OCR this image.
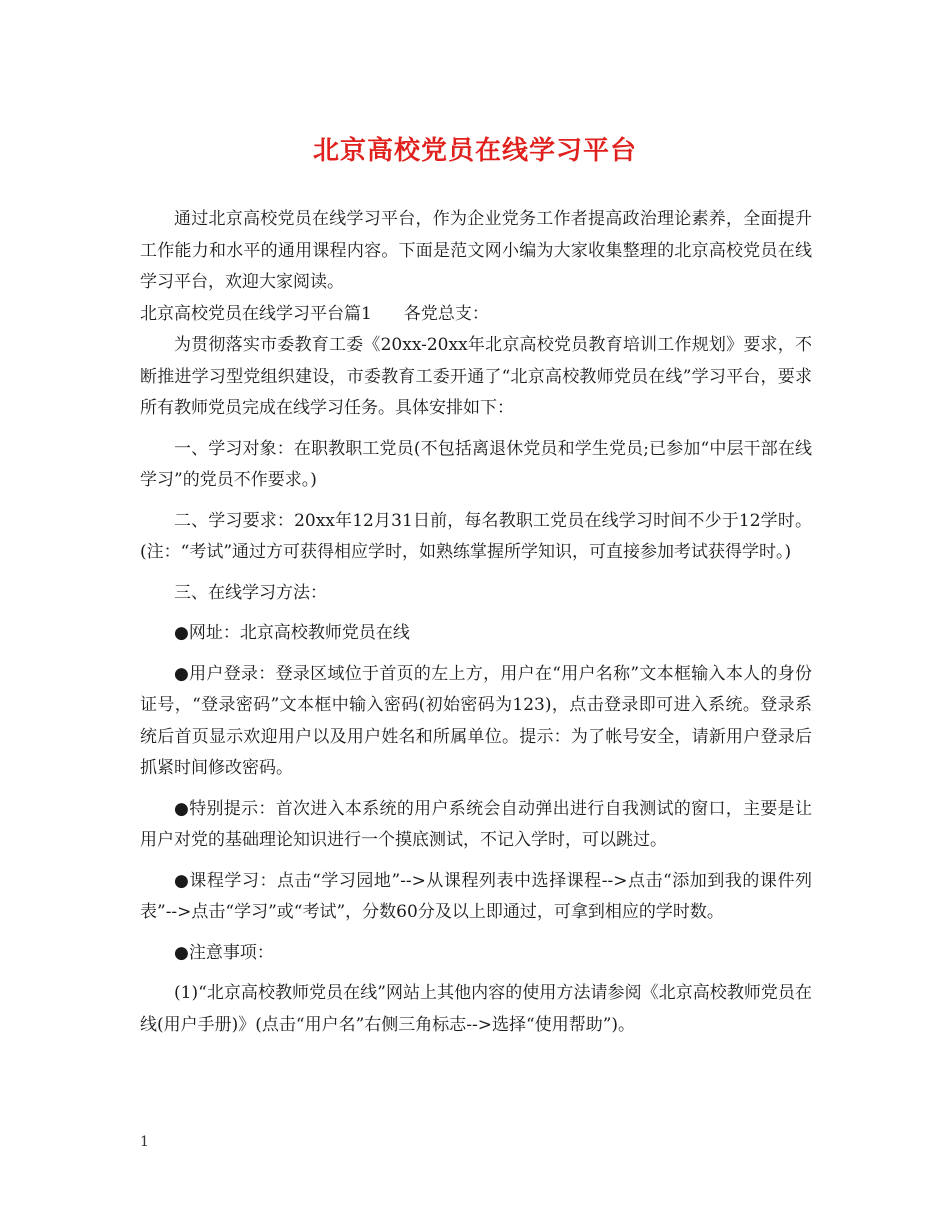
北京高校党员在线学习平台

通过北京高校党员在线学习平台，作为企业党务工作者提高政治理论素养，全面提升工作能力和水平的通用课程内容。下面是范文网小编为大家收集整理的北京高校党员在线学习平台，欢迎大家阅读。

北京高校党员在线学习平台篇1 各党总支：

为贯彻落实市委教育工委《20xx-20xx年北京高校党员教育培训工作规划》要求，不断推进学习型党组织建设，市委教育工委开通了“北京高校教师党员在线”学习平台，要求所有教师党员完成在线学习任务。具体安排如下：

一、学习对象：在职教职工党员(不包括离退休党员和学生党员;已参加“中层干部在线学习”的党员不作要求。)

二、学习要求：20xx年12月31日前，每名教职工党员在线学习时间不少于12学时。(注：“考试”通过方可获得相应学时，如熟练掌握所学知识，可直接参加考试获得学时。)

三、在线学习方法：

●网址：北京高校教师党员在线

●用户登录：登录区域位于首页的左上方，用户在“用户名称”文本框输入本人的身份证号，“登录密码”文本框中输入密码(初始密码为123)，点击登录即可进入系统。登录系统后首页显示欢迎用户以及用户姓名和所属单位。提示：为了帐号安全，请新用户登录后抓紧时间修改密码。

●特别提示：首次进入本系统的用户系统会自动弹出进行自我测试的窗口，主要是让用户对党的基础理论知识进行一个摸底测试，不记入学时，可以跳过。

●课程学习：点击“学习园地”-->从课程列表中选择课程-->点击“添加到我的课件列表”-->点击“学习”或“考试”，分数60分及以上即通过，可拿到相应的学时数。

●注意事项：

(1)“北京高校教师党员在线”网站上其他内容的使用方法请参阅《北京高校教师党员在线(用户手册)》(点击“用户名”右侧三角标志-->选择“使用帮助”)。

1
